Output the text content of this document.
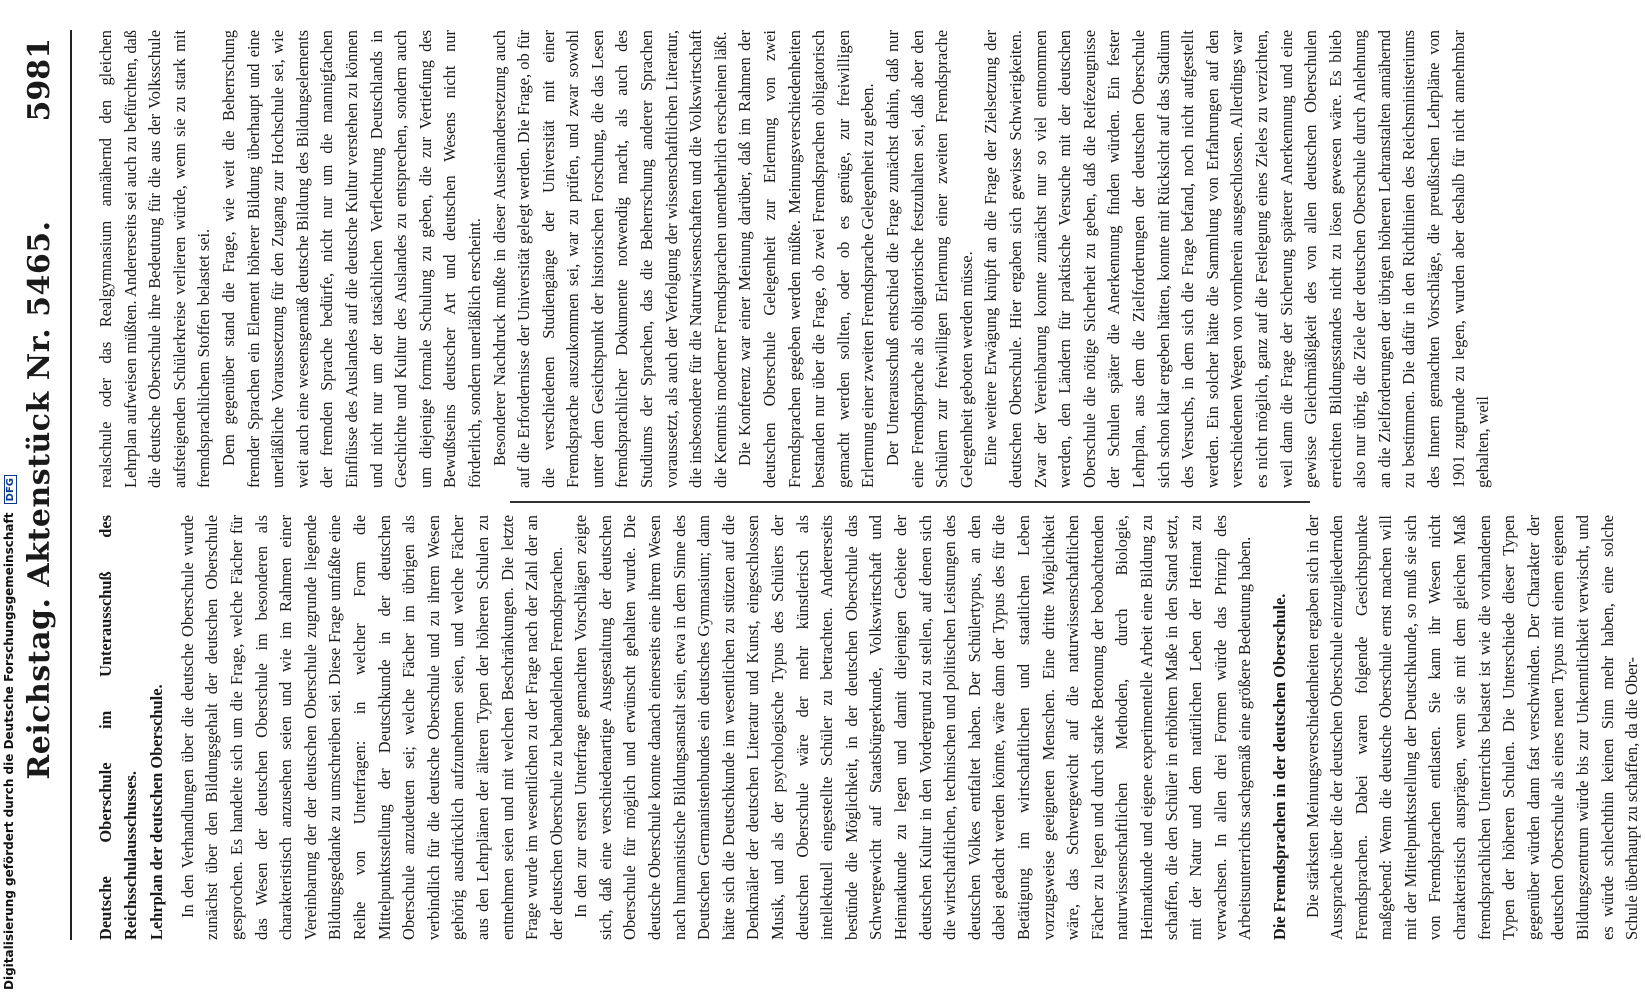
Reichstag. Aktenstück Nr. 5465.
5981
Deutsche Oberschule im Unterausschuß des Reichsschulausschusses. Lehrplan der deutschen Oberschule. In den Verhandlungen über die deutsche Oberschule wurde zunächst über den Bildungsgehalt der deutschen Oberschule gesprochen. Es handelte sich um die Frage, welche Fächer für das Wesen der deutschen Oberschule im besonderen als charakteristisch anzusehen seien und wie im Rahmen einer Vereinbarung der der deutschen Oberschule zugrunde liegende Bildungsgedanke zu umschreiben sei. Diese Frage umfaßte eine Reihe von Unterfragen: in welcher Form die Mittelpunktsstellung der Deutschkunde in der deutschen Oberschule anzudeuten sei; welche Fächer im übrigen als verbindlich für die deutsche Oberschule und zu ihrem Wesen gehörig ausdrücklich aufzunehmen seien, und welche Fächer aus den Lehrplänen der älteren Typen der höheren Schulen zu entnehmen seien und mit welchen Beschränkungen. Die letzte Frage wurde im wesentlichen zu der Frage nach der Zahl der an der deutschen Oberschule zu behandelnden Fremdsprachen. In den zur ersten Unterfrage gemachten Vorschlägen zeigte sich, daß eine verschiedenartige Ausgestaltung der deutschen Oberschule für möglich und erwünscht gehalten wurde. Die deutsche Oberschule konnte danach einerseits eine ihrem Wesen nach humanistische Bildungsanstalt sein, etwa in dem Sinne des Deutschen Germanistenbundes ein deutsches Gymnasium; dann hätte sich die Deutschkunde im wesentlichen zu stützen auf die Denkmäler der deutschen Literatur und Kunst, eingeschlossen Musik, und als der psychologische Typus des Schülers der deutschen Oberschule wäre der mehr künstlerisch als intellektuell eingestellte Schüler zu betrachten. Andererseits bestünde die Möglichkeit, in der deutschen Oberschule das Schwergewicht auf Staatsbürgerkunde, Volkswirtschaft und Heimatkunde zu legen und damit diejenigen Gebiete der deutschen Kultur in den Vordergrund zu stellen, auf denen sich die wirtschaftlichen, technischen und politischen Leistungen des deutschen Volkes entfaltet haben. Der Schülertypus, an den dabei gedacht werden könnte, wäre dann der Typus des für die Betätigung im wirtschaftlichen und staatlichen Leben vorzugsweise geeigneten Menschen. Eine dritte Möglichkeit wäre, das Schwergewicht auf die naturwissenschaftlichen Fächer zu legen und durch starke Betonung der beobachtenden naturwissenschaftlichen Methoden, durch Biologie, Heimatkunde und eigene experimentelle Arbeit eine Bildung zu schaffen, die den Schüler in erhöhtem Maße in den Stand setzt, mit der Natur und dem natürlichen Leben der Heimat zu verwachsen. In allen drei Formen würde das Prinzip des Arbeitsunterrichts sachgemäß eine größere Bedeutung haben. Die Fremdsprachen in der deutschen Oberschule. Die stärksten Meinungsverschiedenheiten ergaben sich in der Aussprache über die der deutschen Oberschule einzugliedernden Fremdsprachen. Dabei waren folgende Gesichtspunkte maßgebend: Wenn die deutsche Oberschule ernst machen will mit der Mittelpunktsstellung der Deutschkunde, so muß sie sich von Fremdsprachen entlasten. Sie kann ihr Wesen nicht charakteristisch ausprägen, wenn sie mit dem gleichen Maß fremdsprachlichen Unterrichts belastet ist wie die vorhandenen Typen der höheren Schulen. Die Unterschiede dieser Typen gegenüber würden dann fast verschwinden. Der Charakter der deutschen Oberschule als eines neuen Typus mit einem eigenen Bildungszentrum würde bis zur Unkenntlichkeit verwischt, und es würde schlechthin keinen Sinn mehr haben, eine solche Schule überhaupt zu schaffen, da die Ober-

realschule oder das Realgymnasium annähernd den gleichen Lehrplan aufweisen müßten. Andererseits sei auch zu befürchten, daß die deutsche Oberschule ihre Bedeutung für die aus der Volksschule aufsteigenden Schülerkreise verlieren würde, wenn sie zu stark mit fremdsprachlichem Stoffen belastet sei. Dem gegenüber stand die Frage, wie weit die Beherrschung fremder Sprachen ein Element höherer Bildung überhaupt und eine unerläßliche Voraussetzung für den Zugang zur Hochschule sei, wie weit auch eine wesensgemäß deutsche Bildung des Bildungselements der fremden Sprache bedürfe, nicht nur um die mannigfachen Einflüsse des Auslandes auf die deutsche Kultur verstehen zu können und nicht nur um der tatsächlichen Verflechtung Deutschlands in Geschichte und Kultur des Auslandes zu entsprechen, sondern auch um diejenige formale Schulung zu geben, die zur Vertiefung des Bewußtseins deutscher Art und deutschen Wesens nicht nur förderlich, sondern unerläßlich erscheint. Besonderer Nachdruck mußte in dieser Auseinandersetzung auch auf die Erfordernisse der Universität gelegt werden. Die Frage, ob für die verschiedenen Studiengänge der Universität mit einer Fremdsprache auszukommen sei, war zu prüfen, und zwar sowohl unter dem Gesichtspunkt der historischen Forschung, die das Lesen fremdsprachlicher Dokumente notwendig macht, als auch des Studiums der Sprachen, das die Beherrschung anderer Sprachen voraussetzt, als auch der Verfolgung der wissenschaftlichen Literatur, die insbesondere für die Naturwissenschaften und die Volkswirtschaft die Kenntnis moderner Fremdsprachen unentbehrlich erscheinen läßt. Die Konferenz war einer Meinung darüber, daß im Rahmen der deutschen Oberschule Gelegenheit zur Erlernung von zwei Fremdsprachen gegeben werden müßte. Meinungsverschiedenheiten bestanden nur über die Frage, ob zwei Fremdsprachen obligatorisch gemacht werden sollten, oder ob es genüge, zur freiwilligen Erlernung einer zweiten Fremdsprache Gelegenheit zu geben. Der Unterausschuß entschied die Frage zunächst dahin, daß nur eine Fremdsprache als obligatorische festzuhalten sei, daß aber den Schülern zur freiwilligen Erlernung einer zweiten Fremdsprache Gelegenheit geboten werden müsse. Eine weitere Erwägung knüpft an die Frage der Zielsetzung der deutschen Oberschule. Hier ergaben sich gewisse Schwierigkeiten. Zwar der Vereinbarung konnte zunächst nur so viel entnommen werden, den Ländern für praktische Versuche mit der deutschen Oberschule die nötige Sicherheit zu geben, daß die Reifezeugnisse der Schulen später die Anerkennung finden würden. Ein fester Lehrplan, aus dem die Zielforderungen der deutschen Oberschule sich schon klar ergeben hätten, konnte mit Rücksicht auf das Stadium des Versuchs, in dem sich die Frage befand, noch nicht aufgestellt werden. Ein solcher hätte die Sammlung von Erfahrungen auf den verschiedenen Wegen von vornherein ausgeschlossen. Allerdings war es nicht möglich, ganz auf die Festlegung eines Zieles zu verzichten, weil dann die Frage der Sicherung späterer Anerkennung und eine gewisse Gleichmäßigkeit des von allen deutschen Oberschulen erreichten Bildungsstandes nicht zu lösen gewesen wäre. Es blieb also nur übrig, die Ziele der deutschen Oberschule durch Anlehnung an die Zielforderungen der übrigen höheren Lehranstalten annähernd zu bestimmen. Die dafür in den Richtlinien des Reichsministeriums des Innern gemachten Vorschläge, die preußischen Lehrpläne von 1901 zugrunde zu legen, wurden aber deshalb für nicht annehmbar gehalten, weil

Digitalisierung gefördert durch die Deutsche Forschungsgemeinschaft DFG
